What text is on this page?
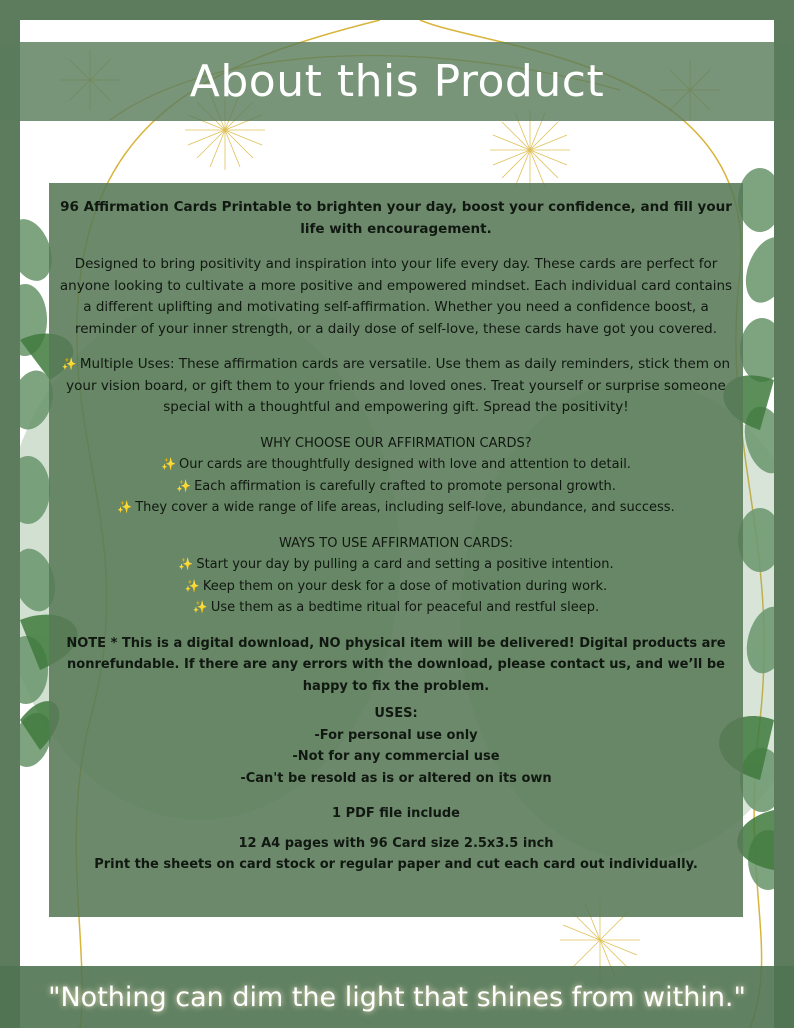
About this Product

96 Affirmation Cards Printable to brighten your day, boost your confidence, and fill your life with encouragement.

Designed to bring positivity and inspiration into your life every day. These cards are perfect for anyone looking to cultivate a more positive and empowered mindset. Each individual card contains a different uplifting and motivating self-affirmation. Whether you need a confidence boost, a reminder of your inner strength, or a daily dose of self-love, these cards have got you covered.

✨ Multiple Uses: These affirmation cards are versatile. Use them as daily reminders, stick them on your vision board, or gift them to your friends and loved ones. Treat yourself or surprise someone special with a thoughtful and empowering gift. Spread the positivity!

WHY CHOOSE OUR AFFIRMATION CARDS?

✨ Our cards are thoughtfully designed with love and attention to detail.

✨ Each affirmation is carefully crafted to promote personal growth.

✨ They cover a wide range of life areas, including self-love, abundance, and success.

WAYS TO USE AFFIRMATION CARDS:

✨ Start your day by pulling a card and setting a positive intention.

✨ Keep them on your desk for a dose of motivation during work.

✨ Use them as a bedtime ritual for peaceful and restful sleep.

NOTE * This is a digital download, NO physical item will be delivered! Digital products are nonrefundable. If there are any errors with the download, please contact us, and we’ll be happy to fix the problem.

USES:

-For personal use only

-Not for any commercial use

-Can't be resold as is or altered on its own

1 PDF file include

12 A4 pages with 96 Card size 2.5x3.5 inch

Print the sheets on card stock or regular paper and cut each card out individually.

"Nothing can dim the light that shines from within."
